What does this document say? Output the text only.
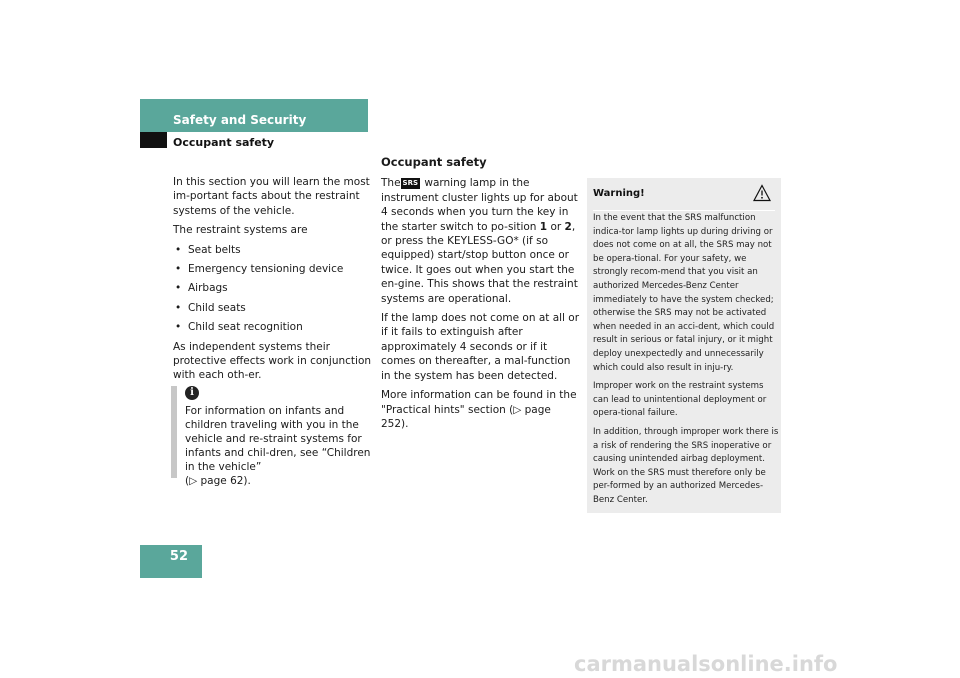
Safety and Security
Occupant safety

In this section you will learn the most im-portant facts about the restraint systems of the vehicle.

The restraint systems are

• Seat belts
• Emergency tensioning device
• Airbags
• Child seats
• Child seat recognition

As independent systems their protective effects work in conjunction with each oth-er.

i
For information on infants and children traveling with you in the vehicle and re-straint systems for infants and chil-dren, see “Children in the vehicle”
(▷ page 62).
Occupant safety

The SRS warning lamp in the instrument cluster lights up for about 4 seconds when you turn the key in the starter switch to po-sition 1 or 2, or press the KEYLESS-GO* (if so equipped) start/stop button once or twice. It goes out when you start the en-gine. This shows that the restraint systems are operational.

If the lamp does not come on at all or if it fails to extinguish after approximately 4 seconds or if it comes on thereafter, a mal-function in the system has been detected.

More information can be found in the "Practical hints" section (▷ page 252).

Warning!

In the event that the SRS malfunction indica-tor lamp lights up during driving or does not come on at all, the SRS may not be opera-tional. For your safety, we strongly recom-mend that you visit an authorized Mercedes-Benz Center immediately to have the system checked; otherwise the SRS may not be activated when needed in an acci-dent, which could result in serious or fatal injury, or it might deploy unexpectedly and unnecessarily which could also result in inju-ry.

Improper work on the restraint systems can lead to unintentional deployment or opera-tional failure.

In addition, through improper work there is a risk of rendering the SRS inoperative or causing unintended airbag deployment. Work on the SRS must therefore only be per-formed by an authorized Mercedes-Benz Center.

52
carmanualsonline.info
